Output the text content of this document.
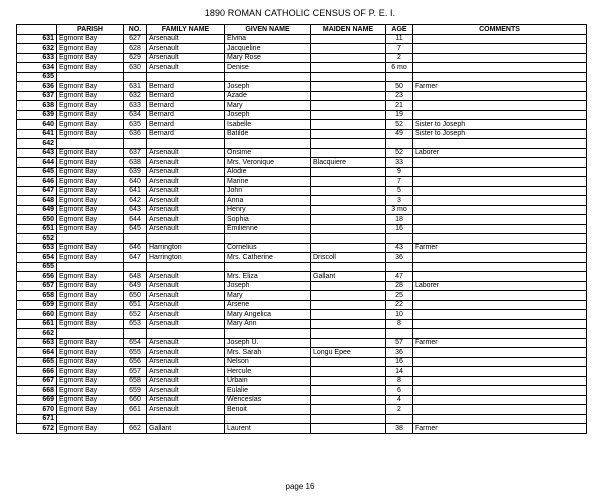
1890 ROMAN CATHOLIC CENSUS OF P. E. I.
	PARISH	NO.	FAMILY NAME	GIVEN NAME	MAIDEN NAME	AGE	COMMENTS
631	Egmont Bay	627	Arsenault	Elvina		11	
632	Egmont Bay	628	Arsenault	Jacqueline		7	
633	Egmont Bay	629	Arsenault	Mary Rose		2	
634	Egmont Bay	630	Arsenault	Denise		6 mo	
635							
636	Egmont Bay	631	Bernard	Joseph		50	Farmer
637	Egmont Bay	632	Bernard	Azade		23	
638	Egmont Bay	633	Bernard	Mary		21	
639	Egmont Bay	634	Bernard	Joseph		19	
640	Egmont Bay	635	Bernard	Isabelle		52	Sister to Joseph
641	Egmont Bay	636	Bernard	Batilde		49	Sister to Joseph
642							
643	Egmont Bay	637	Arsenault	Onsime		52	Laborer
644	Egmont Bay	638	Arsenault	Mrs. Veronique	Blacquiere	33	
645	Egmont Bay	639	Arsenault	Alodie		9	
646	Egmont Bay	640	Arsenault	Marine		7	
647	Egmont Bay	641	Arsenault	John		5	
648	Egmont Bay	642	Arsenault	Anna		3	
649	Egmont Bay	643	Arsenault	Henry		3 mo	
650	Egmont Bay	644	Arsenault	Sophia		18	
651	Egmont Bay	645	Arsenault	Emilienne		16	
652							
653	Egmont Bay	646	Harrington	Cornelius		43	Farmer
654	Egmont Bay	647	Harrington	Mrs. Catherine	Driscoll	36	
655							
656	Egmont Bay	648	Arsenault	Mrs. Eliza	Gallant	47	
657	Egmont Bay	649	Arsenault	Joseph		28	Laborer
658	Egmont Bay	650	Arsenault	Mary		25	
659	Egmont Bay	651	Arsenault	Arsene		22	
660	Egmont Bay	652	Arsenault	Mary Angelica		10	
661	Egmont Bay	653	Arsenault	Mary Ann		8	
662							
663	Egmont Bay	654	Arsenault	Joseph U.		57	Farmer
664	Egmont Bay	655	Arsenault	Mrs. Sarah	Longu Epee	36	
665	Egmont Bay	656	Arsenault	Nelson		16	
666	Egmont Bay	657	Arsenault	Hercule		14	
667	Egmont Bay	658	Arsenault	Urbain		8	
668	Egmont Bay	659	Arsenault	Eulalie		6	
669	Egmont Bay	660	Arsenault	Wenceslas		4	
670	Egmont Bay	661	Arsenault	Benoit		2	
671							
672	Egmont Bay	662	Gallant	Laurent		38	Farmer
page 16
